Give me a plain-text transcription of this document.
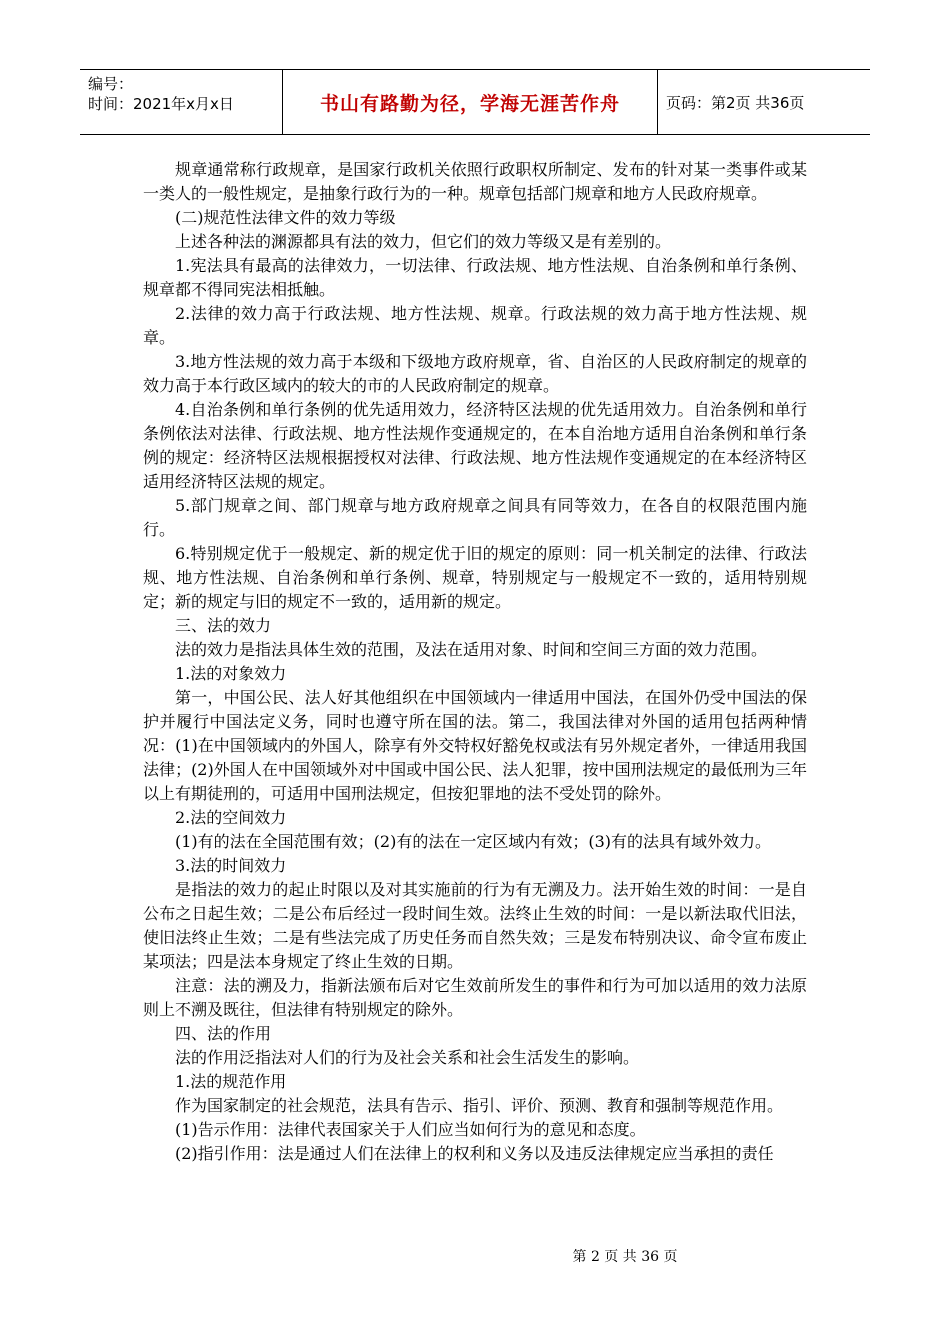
编号：
时间：2021年x月x日	书山有路勤为径，学海无涯苦作舟	页码：第2页 共36页

规章通常称行政规章，是国家行政机关依照行政职权所制定、发布的针对某一类事件或某一类人的一般性规定，是抽象行政行为的一种。规章包括部门规章和地方人民政府规章。

(二)规范性法律文件的效力等级

上述各种法的渊源都具有法的效力，但它们的效力等级又是有差别的。

1.宪法具有最高的法律效力，一切法律、行政法规、地方性法规、自治条例和单行条例、规章都不得同宪法相抵触。

2.法律的效力高于行政法规、地方性法规、规章。行政法规的效力高于地方性法规、规章。

3.地方性法规的效力高于本级和下级地方政府规章，省、自治区的人民政府制定的规章的效力高于本行政区域内的较大的市的人民政府制定的规章。

4.自治条例和单行条例的优先适用效力，经济特区法规的优先适用效力。自治条例和单行条例依法对法律、行政法规、地方性法规作变通规定的，在本自治地方适用自治条例和单行条例的规定：经济特区法规根据授权对法律、行政法规、地方性法规作变通规定的在本经济特区适用经济特区法规的规定。

5.部门规章之间、部门规章与地方政府规章之间具有同等效力，在各自的权限范围内施行。

6.特别规定优于一般规定、新的规定优于旧的规定的原则：同一机关制定的法律、行政法规、地方性法规、自治条例和单行条例、规章，特别规定与一般规定不一致的，适用特别规定；新的规定与旧的规定不一致的，适用新的规定。

三、法的效力

法的效力是指法具体生效的范围，及法在适用对象、时间和空间三方面的效力范围。

1.法的对象效力

第一，中国公民、法人好其他组织在中国领域内一律适用中国法，在国外仍受中国法的保护并履行中国法定义务，同时也遵守所在国的法。第二，我国法律对外国的适用包括两种情况：(1)在中国领域内的外国人，除享有外交特权好豁免权或法有另外规定者外，一律适用我国法律；(2)外国人在中国领域外对中国或中国公民、法人犯罪，按中国刑法规定的最低刑为三年以上有期徒刑的，可适用中国刑法规定，但按犯罪地的法不受处罚的除外。

2.法的空间效力

(1)有的法在全国范围有效；(2)有的法在一定区域内有效；(3)有的法具有域外效力。

3.法的时间效力

是指法的效力的起止时限以及对其实施前的行为有无溯及力。法开始生效的时间：一是自公布之日起生效；二是公布后经过一段时间生效。法终止生效的时间：一是以新法取代旧法，使旧法终止生效；二是有些法完成了历史任务而自然失效；三是发布特别决议、命令宣布废止某项法；四是法本身规定了终止生效的日期。

注意：法的溯及力，指新法颁布后对它生效前所发生的事件和行为可加以适用的效力法原则上不溯及既往，但法律有特别规定的除外。

四、法的作用

法的作用泛指法对人们的行为及社会关系和社会生活发生的影响。

1.法的规范作用

作为国家制定的社会规范，法具有告示、指引、评价、预测、教育和强制等规范作用。

(1)告示作用：法律代表国家关于人们应当如何行为的意见和态度。

(2)指引作用：法是通过人们在法律上的权利和义务以及违反法律规定应当承担的责任

第 2 页 共 36 页
